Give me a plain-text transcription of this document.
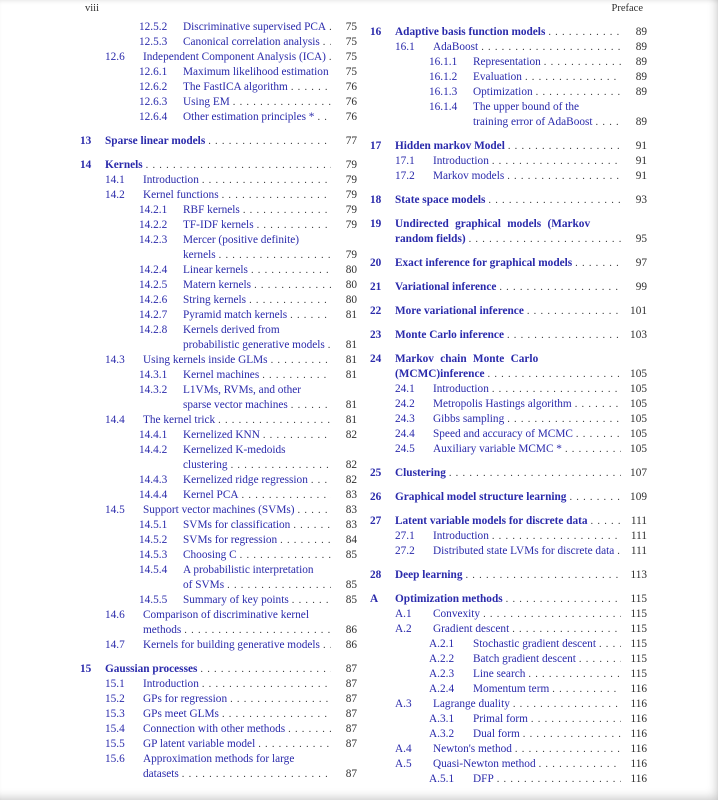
viii	Preface
12.5.2	Discriminative supervised PCA .....	75
12.5.3	Canonical correlation analysis .....	75
12.6	Independent Component Analysis (ICA) .....	75
12.6.1	Maximum likelihood estimation .....	75
12.6.2	The FastICA algorithm .....	76
12.6.3	Using EM .....	76
12.6.4	Other estimation principles * .....	76
13	Sparse linear models .....	77
14	Kernels .....	79
14.1	Introduction .....	79
14.2	Kernel functions .....	79
14.2.1	RBF kernels .....	79
14.2.2	TF-IDF kernels .....	79
14.2.3	Mercer (positive definite)
kernels .....	79
14.2.4	Linear kernels .....	80
14.2.5	Matern kernels .....	80
14.2.6	String kernels .....	80
14.2.7	Pyramid match kernels .....	81
14.2.8	Kernels derived from
probabilistic generative models .....	81
14.3	Using kernels inside GLMs .....	81
14.3.1	Kernel machines .....	81
14.3.2	L1VMs, RVMs, and other
sparse vector machines .....	81
14.4	The kernel trick .....	81
14.4.1	Kernelized KNN .....	82
14.4.2	Kernelized K-medoids
clustering .....	82
14.4.3	Kernelized ridge regression .....	82
14.4.4	Kernel PCA .....	83
14.5	Support vector machines (SVMs) .....	83
14.5.1	SVMs for classification .....	83
14.5.2	SVMs for regression .....	84
14.5.3	Choosing C .....	85
14.5.4	A probabilistic interpretation
of SVMs .....	85
14.5.5	Summary of key points .....	85
14.6	Comparison of discriminative kernel
methods .....	86
14.7	Kernels for building generative models .....	86
15	Gaussian processes .....	87
15.1	Introduction .....	87
15.2	GPs for regression .....	87
15.3	GPs meet GLMs .....	87
15.4	Connection with other methods .....	87
15.5	GP latent variable model .....	87
15.6	Approximation methods for large
datasets .....	87
16	Adaptive basis function models .....	89
16.1	AdaBoost .....	89
16.1.1	Representation .....	89
16.1.2	Evaluation .....	89
16.1.3	Optimization .....	89
16.1.4	The upper bound of the
training error of AdaBoost .....	89
17	Hidden markov Model .....	91
17.1	Introduction .....	91
17.2	Markov models .....	91
18	State space models .....	93
19	Undirected graphical models (Markov
random fields) .....	95
20	Exact inference for graphical models .....	97
21	Variational inference .....	99
22	More variational inference .....	101
23	Monte Carlo inference .....	103
24	Markov chain Monte Carlo
(MCMC)inference .....	105
24.1	Introduction .....	105
24.2	Metropolis Hastings algorithm .....	105
24.3	Gibbs sampling .....	105
24.4	Speed and accuracy of MCMC .....	105
24.5	Auxiliary variable MCMC * .....	105
25	Clustering .....	107
26	Graphical model structure learning .....	109
27	Latent variable models for discrete data .....	111
27.1	Introduction .....	111
27.2	Distributed state LVMs for discrete data .....	111
28	Deep learning .....	113
A	Optimization methods .....	115
A.1	Convexity .....	115
A.2	Gradient descent .....	115
A.2.1	Stochastic gradient descent .....	115
A.2.2	Batch gradient descent .....	115
A.2.3	Line search .....	115
A.2.4	Momentum term .....	116
A.3	Lagrange duality .....	116
A.3.1	Primal form .....	116
A.3.2	Dual form .....	116
A.4	Newton's method .....	116
A.5	Quasi-Newton method .....	116
A.5.1	DFP .....	116
